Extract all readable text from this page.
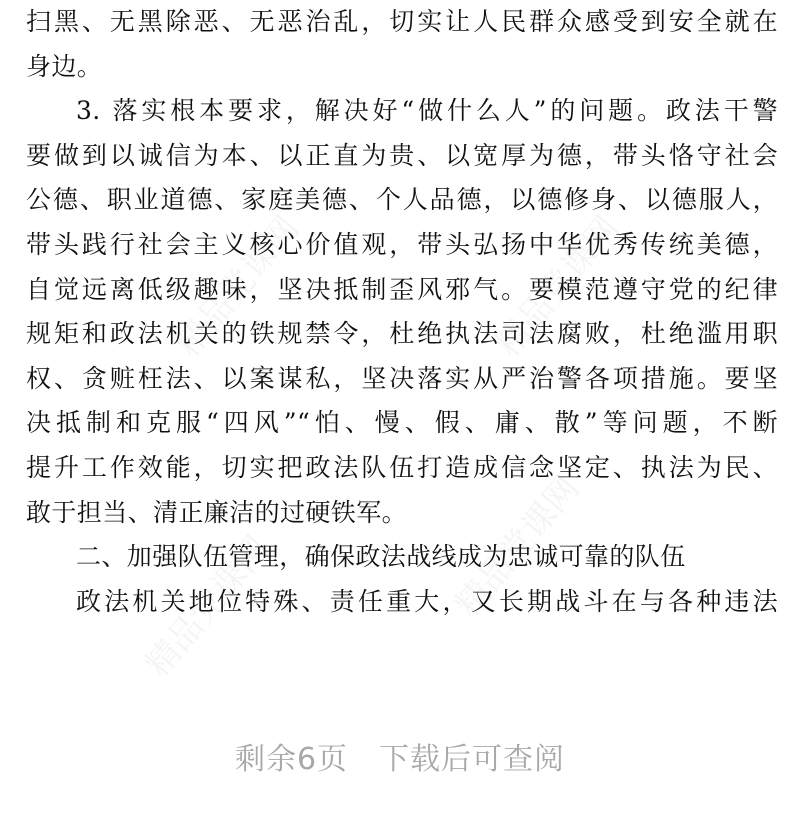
精品党课网	精品党课网
精品党课网	精品党课网
扫黑、无黑除恶、无恶治乱，切实让人民群众感受到安全就在
身边。
3. 落实根本要求，解决好“做什么人”的问题。政法干警
要做到以诚信为本、以正直为贵、以宽厚为德，带头恪守社会
公德、职业道德、家庭美德、个人品德，以德修身、以德服人，
带头践行社会主义核心价值观，带头弘扬中华优秀传统美德，
自觉远离低级趣味，坚决抵制歪风邪气。要模范遵守党的纪律
规矩和政法机关的铁规禁令，杜绝执法司法腐败，杜绝滥用职
权、贪赃枉法、以案谋私，坚决落实从严治警各项措施。要坚
决抵制和克服“四风”“怕、慢、假、庸、散”等问题，不断
提升工作效能，切实把政法队伍打造成信念坚定、执法为民、
敢于担当、清正廉洁的过硬铁军。
二、加强队伍管理，确保政法战线成为忠诚可靠的队伍
政法机关地位特殊、责任重大，又长期战斗在与各种违法
剩余6页　下载后可查阅
